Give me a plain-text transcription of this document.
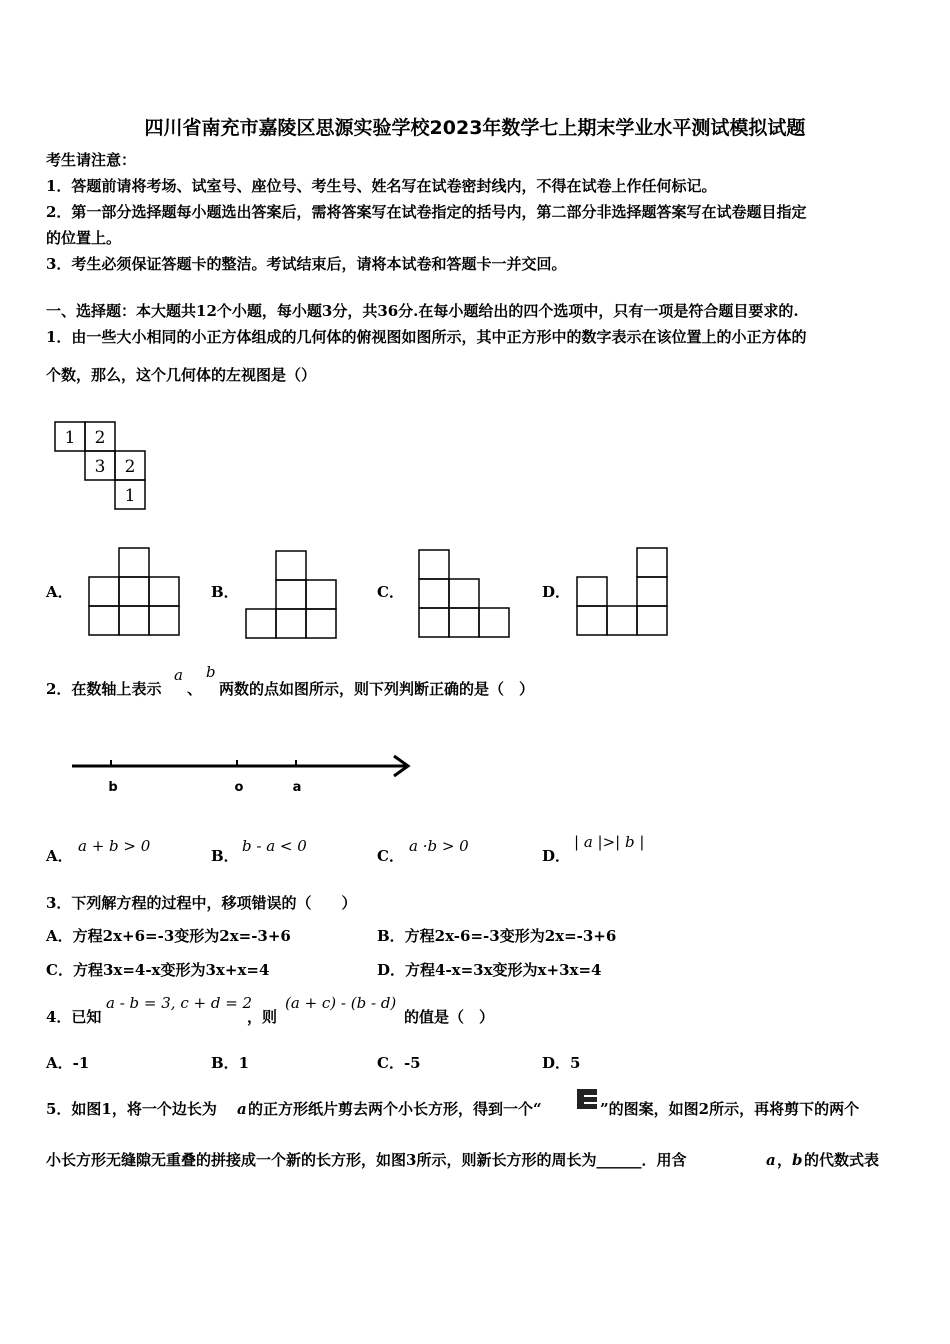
四川省南充市嘉陵区思源实验学校2023年数学七上期末学业水平测试模拟试题
考生请注意：
1．答题前请将考场、试室号、座位号、考生号、姓名写在试卷密封线内，不得在试卷上作任何标记。
2．第一部分选择题每小题选出答案后，需将答案写在试卷指定的括号内，第二部分非选择题答案写在试卷题目指定
的位置上。
3．考生必须保证答题卡的整洁。考试结束后，请将本试卷和答题卡一并交回。
一、选择题：本大题共12个小题，每小题3分，共36分.在每小题给出的四个选项中，只有一项是符合题目要求的.
1．由一些大小相同的小正方体组成的几何体的俯视图如图所示，其中正方形中的数字表示在该位置上的小正方体的
个数，那么，这个几何体的左视图是（）
1 2
3 2
1
A．	B．	C．	D．
2．在数轴上表示
a
、
b
两数的点如图所示，则下列判断正确的是（　）
b	o	a
A．
a + b > 0
B．
b - a < 0
C．
a ·b > 0
D．
| a |>| b |
3．下列解方程的过程中，移项错误的（　　）
A．方程2x+6=-3变形为2x=-3+6	B．方程2x-6=-3变形为2x=-3+6
C．方程3x=4-x变形为3x+x=4	D．方程4-x=3x变形为x+3x=4
4．已知
a - b = 3, c + d = 2
，则
(a + c) - (b - d)
的值是（　）
A．-1	B．1	C．-5	D．5
5．如图1，将一个边长为 a 的正方形纸片剪去两个小长方形，得到一个“	”的图案，如图2所示，再将剪下的两个
小长方形无缝隙无重叠的拼接成一个新的长方形，如图3所示，则新长方形的周长为______．用含	a ， b 的代数式表
